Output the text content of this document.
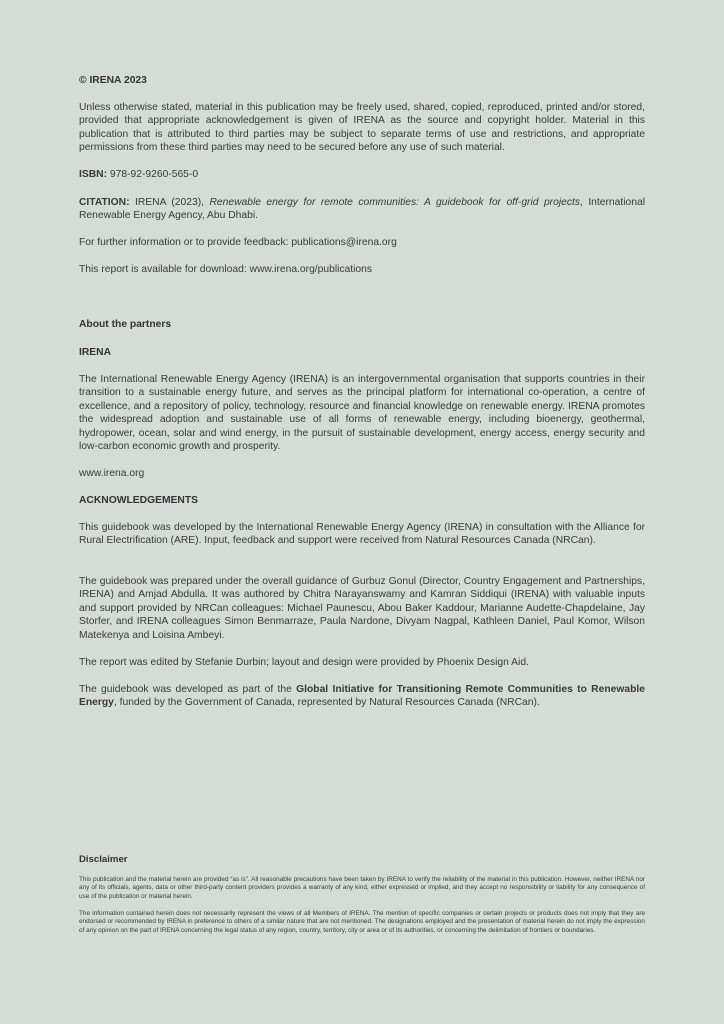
© IRENA 2023

Unless otherwise stated, material in this publication may be freely used, shared, copied, reproduced, printed and/or stored, provided that appropriate acknowledgement is given of IRENA as the source and copyright holder. Material in this publication that is attributed to third parties may be subject to separate terms of use and restrictions, and appropriate permissions from these third parties may need to be secured before any use of such material.

ISBN: 978-92-9260-565-0

CITATION: IRENA (2023), Renewable energy for remote communities: A guidebook for off-grid projects, International Renewable Energy Agency, Abu Dhabi.

For further information or to provide feedback: publications@irena.org

This report is available for download: www.irena.org/publications

About the partners
IRENA

The International Renewable Energy Agency (IRENA) is an intergovernmental organisation that supports countries in their transition to a sustainable energy future, and serves as the principal platform for international co-operation, a centre of excellence, and a repository of policy, technology, resource and financial knowledge on renewable energy. IRENA promotes the widespread adoption and sustainable use of all forms of renewable energy, including bioenergy, geothermal, hydropower, ocean, solar and wind energy, in the pursuit of sustainable development, energy access, energy security and low-carbon economic growth and prosperity.

www.irena.org

ACKNOWLEDGEMENTS

This guidebook was developed by the International Renewable Energy Agency (IRENA) in consultation with the Alliance for Rural Electrification (ARE). Input, feedback and support were received from Natural Resources Canada (NRCan).

The guidebook was prepared under the overall guidance of Gurbuz Gonul (Director, Country Engagement and Partnerships, IRENA) and Amjad Abdulla. It was authored by Chitra Narayanswamy and Kamran Siddiqui (IRENA) with valuable inputs and support provided by NRCan colleagues: Michael Paunescu, Abou Baker Kaddour, Marianne Audette-Chapdelaine, Jay Storfer, and IRENA colleagues Simon Benmarraze, Paula Nardone, Divyam Nagpal, Kathleen Daniel, Paul Komor, Wilson Matekenya and Loisina Ambeyi.

The report was edited by Stefanie Durbin; layout and design were provided by Phoenix Design Aid.

The guidebook was developed as part of the Global Initiative for Transitioning Remote Communities to Renewable Energy, funded by the Government of Canada, represented by Natural Resources Canada (NRCan).

Disclaimer

This publication and the material herein are provided “as is”. All reasonable precautions have been taken by IRENA to verify the reliability of the material in this publication. However, neither IRENA nor any of its officials, agents, data or other third-party content providers provides a warranty of any kind, either expressed or implied, and they accept no responsibility or liability for any consequence of use of the publication or material herein.

The information contained herein does not necessarily represent the views of all Members of IRENA. The mention of specific companies or certain projects or products does not imply that they are endorsed or recommended by IRENA in preference to others of a similar nature that are not mentioned. The designations employed and the presentation of material herein do not imply the expression of any opinion on the part of IRENA concerning the legal status of any region, country, territory, city or area or of its authorities, or concerning the delimitation of frontiers or boundaries.
